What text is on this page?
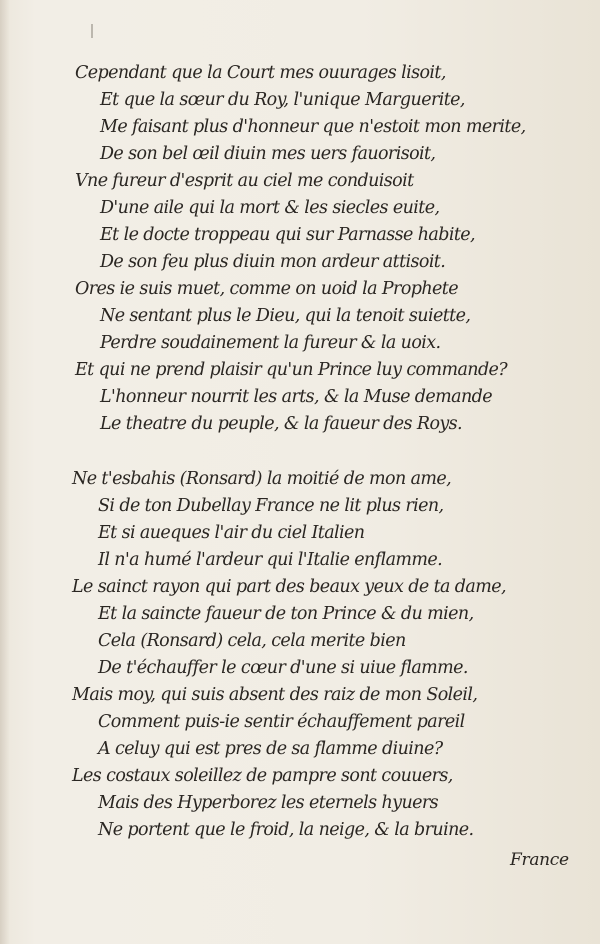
Cependant que la Court mes ouurages lisoit,
Et que la sœur du Roy, l'unique Marguerite,
Me faisant plus d'honneur que n'estoit mon merite,
De son bel œil diuin mes uers fauorisoit,
Vne fureur d'esprit au ciel me conduisoit
D'une aile qui la mort & les siecles euite,
Et le docte troppeau qui sur Parnasse habite,
De son feu plus diuin mon ardeur attisoit.
Ores ie suis muet, comme on uoid la Prophete
Ne sentant plus le Dieu, qui la tenoit suiette,
Perdre soudainement la fureur & la uoix.
Et qui ne prend plaisir qu'un Prince luy commande?
L'honneur nourrit les arts, & la Muse demande
Le theatre du peuple, & la faueur des Roys.
Ne t'esbahis (Ronsard) la moitié de mon ame,
Si de ton Dubellay France ne lit plus rien,
Et si aueques l'air du ciel Italien
Il n'a humé l'ardeur qui l'Italie enflamme.
Le sainct rayon qui part des beaux yeux de ta dame,
Et la saincte faueur de ton Prince & du mien,
Cela (Ronsard) cela, cela merite bien
De t'échauffer le cœur d'une si uiue flamme.
Mais moy, qui suis absent des raiz de mon Soleil,
Comment puis-ie sentir échauffement pareil
A celuy qui est pres de sa flamme diuine?
Les costaux soleillez de pampre sont couuers,
Mais des Hyperborez les eternels hyuers
Ne portent que le froid, la neige, & la bruine.
France
